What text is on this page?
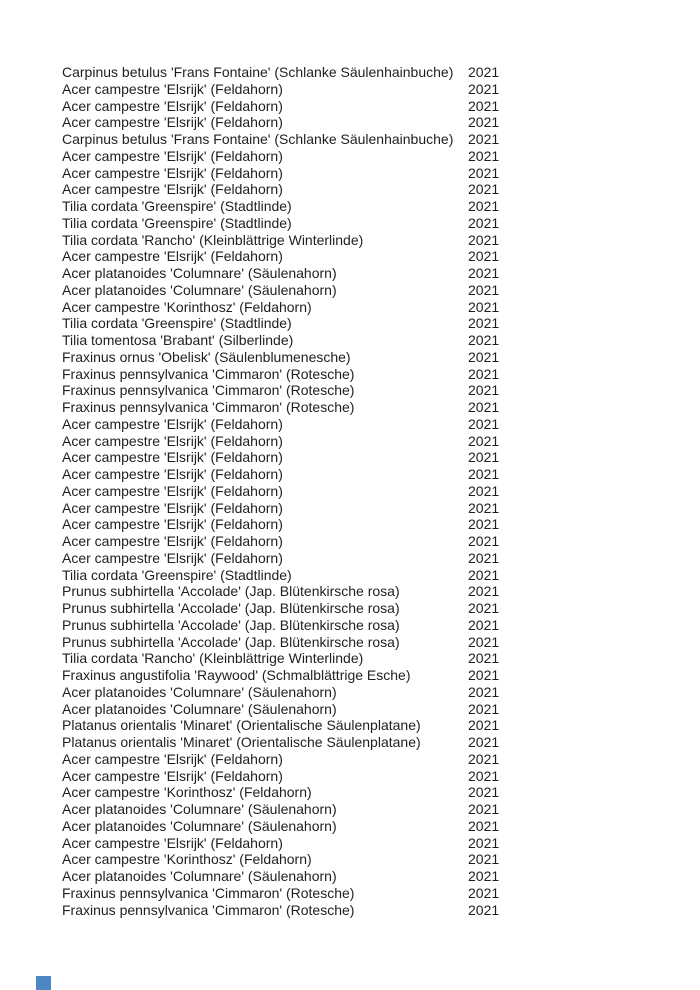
Carpinus betulus 'Frans Fontaine' (Schlanke Säulenhainbuche)	2021
Acer campestre 'Elsrijk' (Feldahorn)	2021
Acer campestre 'Elsrijk' (Feldahorn)	2021
Acer campestre 'Elsrijk' (Feldahorn)	2021
Carpinus betulus 'Frans Fontaine' (Schlanke Säulenhainbuche)	2021
Acer campestre 'Elsrijk' (Feldahorn)	2021
Acer campestre 'Elsrijk' (Feldahorn)	2021
Acer campestre 'Elsrijk' (Feldahorn)	2021
Tilia cordata 'Greenspire' (Stadtlinde)	2021
Tilia cordata 'Greenspire' (Stadtlinde)	2021
Tilia cordata 'Rancho' (Kleinblättrige Winterlinde)	2021
Acer campestre 'Elsrijk' (Feldahorn)	2021
Acer platanoides 'Columnare' (Säulenahorn)	2021
Acer platanoides 'Columnare' (Säulenahorn)	2021
Acer campestre 'Korinthosz' (Feldahorn)	2021
Tilia cordata 'Greenspire' (Stadtlinde)	2021
Tilia tomentosa 'Brabant' (Silberlinde)	2021
Fraxinus ornus 'Obelisk' (Säulenblumenesche)	2021
Fraxinus pennsylvanica 'Cimmaron' (Rotesche)	2021
Fraxinus pennsylvanica 'Cimmaron' (Rotesche)	2021
Fraxinus pennsylvanica 'Cimmaron' (Rotesche)	2021
Acer campestre 'Elsrijk' (Feldahorn)	2021
Acer campestre 'Elsrijk' (Feldahorn)	2021
Acer campestre 'Elsrijk' (Feldahorn)	2021
Acer campestre 'Elsrijk' (Feldahorn)	2021
Acer campestre 'Elsrijk' (Feldahorn)	2021
Acer campestre 'Elsrijk' (Feldahorn)	2021
Acer campestre 'Elsrijk' (Feldahorn)	2021
Acer campestre 'Elsrijk' (Feldahorn)	2021
Acer campestre 'Elsrijk' (Feldahorn)	2021
Tilia cordata 'Greenspire' (Stadtlinde)	2021
Prunus subhirtella 'Accolade' (Jap. Blütenkirsche rosa)	2021
Prunus subhirtella 'Accolade' (Jap. Blütenkirsche rosa)	2021
Prunus subhirtella 'Accolade' (Jap. Blütenkirsche rosa)	2021
Prunus subhirtella 'Accolade' (Jap. Blütenkirsche rosa)	2021
Tilia cordata 'Rancho' (Kleinblättrige Winterlinde)	2021
Fraxinus angustifolia 'Raywood' (Schmalblättrige Esche)	2021
Acer platanoides 'Columnare' (Säulenahorn)	2021
Acer platanoides 'Columnare' (Säulenahorn)	2021
Platanus orientalis 'Minaret' (Orientalische Säulenplatane)	2021
Platanus orientalis 'Minaret' (Orientalische Säulenplatane)	2021
Acer campestre 'Elsrijk' (Feldahorn)	2021
Acer campestre 'Elsrijk' (Feldahorn)	2021
Acer campestre 'Korinthosz' (Feldahorn)	2021
Acer platanoides 'Columnare' (Säulenahorn)	2021
Acer platanoides 'Columnare' (Säulenahorn)	2021
Acer campestre 'Elsrijk' (Feldahorn)	2021
Acer campestre 'Korinthosz' (Feldahorn)	2021
Acer platanoides 'Columnare' (Säulenahorn)	2021
Fraxinus pennsylvanica 'Cimmaron' (Rotesche)	2021
Fraxinus pennsylvanica 'Cimmaron' (Rotesche)	2021
